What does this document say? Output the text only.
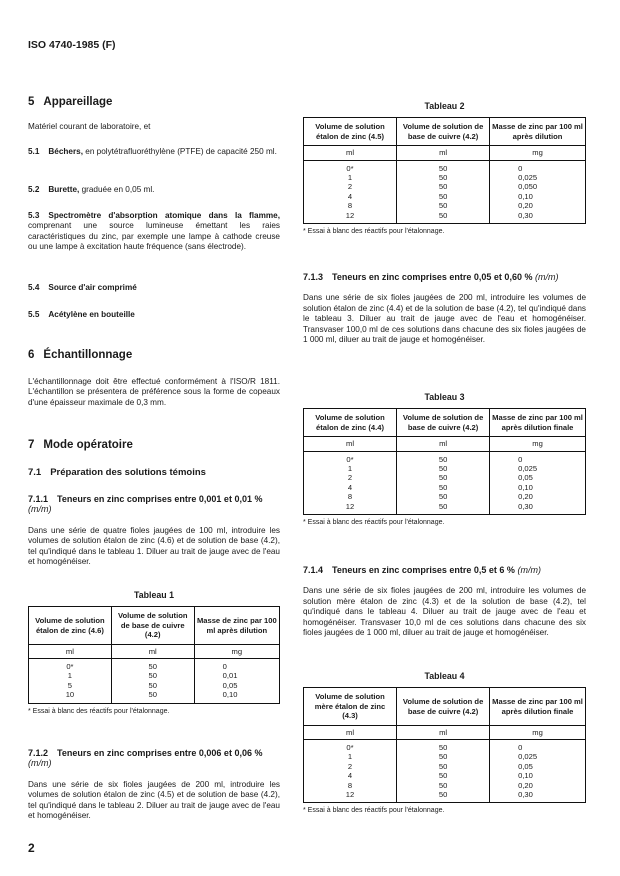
ISO 4740-1985 (F)
5 Appareillage

Matériel courant de laboratoire, et

5.1 Béchers, en polytétrafluoréthylène (PTFE) de capacité 250 ml.

5.2 Burette, graduée en 0,05 ml.

5.3 Spectromètre d'absorption atomique dans la flamme, comprenant une source lumineuse émettant les raies caractéristiques du zinc, par exemple une lampe à cathode creuse ou une lampe à excitation haute fréquence (sans électrode).

5.4 Source d'air comprimé

5.5 Acétylène en bouteille

6 Échantillonnage

L'échantillonnage doit être effectué conformément à l'ISO/R 1811. L'échantillon se présentera de préférence sous la forme de copeaux d'une épaisseur maximale de 0,3 mm.

7 Mode opératoire
7.1 Préparation des solutions témoins
7.1.1 Teneurs en zinc comprises entre 0,001 et 0,01 % (m/m)

Dans une série de quatre fioles jaugées de 100 ml, introduire les volumes de solution étalon de zinc (4.6) et de solution de base (4.2), tel qu'indiqué dans le tableau 1. Diluer au trait de jauge avec de l'eau et homogénéiser.

Tableau 1
Volume de solution étalon de zinc (4.6)	Volume de solution de base de cuivre (4.2)	Masse de zinc par 100 ml après dilution
ml	ml	mg
0*	50	0
1	50	0,01
5	50	0,05
10	50	0,10
* Essai à blanc des réactifs pour l'étalonnage.
7.1.2 Teneurs en zinc comprises entre 0,006 et 0,06 % (m/m)

Dans une série de six fioles jaugées de 200 ml, introduire les volumes de solution étalon de zinc (4.5) et de solution de base (4.2), tel qu'indiqué dans le tableau 2. Diluer au trait de jauge avec de l'eau et homogénéiser.

Tableau 2
Volume de solution étalon de zinc (4.5)	Volume de solution de base de cuivre (4.2)	Masse de zinc par 100 ml après dilution
ml	ml	mg
0*	50	0
1	50	0,025
2	50	0,050
4	50	0,10
8	50	0,20
12	50	0,30
* Essai à blanc des réactifs pour l'étalonnage.
7.1.3 Teneurs en zinc comprises entre 0,05 et 0,60 % (m/m)

Dans une série de six fioles jaugées de 200 ml, introduire les volumes de solution étalon de zinc (4.4) et de la solution de base (4.2), tel qu'indiqué dans le tableau 3. Diluer au trait de jauge avec de l'eau et homogénéiser. Transvaser 100,0 ml de ces solutions dans chacune des six fioles jaugées de 1 000 ml, diluer au trait de jauge et homogénéiser.

Tableau 3
Volume de solution étalon de zinc (4.4)	Volume de solution de base de cuivre (4.2)	Masse de zinc par 100 ml après dilution finale
ml	ml	mg
0*	50	0
1	50	0,025
2	50	0,05
4	50	0,10
8	50	0,20
12	50	0,30
* Essai à blanc des réactifs pour l'étalonnage.
7.1.4 Teneurs en zinc comprises entre 0,5 et 6 % (m/m)

Dans une série de six fioles jaugées de 200 ml, introduire les volumes de solution mère étalon de zinc (4.3) et de la solution de base (4.2), tel qu'indiqué dans le tableau 4. Diluer au trait de jauge avec de l'eau et homogénéiser. Transvaser 10,0 ml de ces solutions dans chacune des six fioles jaugées de 1 000 ml, diluer au trait de jauge et homogénéiser.

Tableau 4
Volume de solution mère étalon de zinc (4.3)	Volume de solution de base de cuivre (4.2)	Masse de zinc par 100 ml après dilution finale
ml	ml	mg
0*	50	0
1	50	0,025
2	50	0,05
4	50	0,10
8	50	0,20
12	50	0,30
* Essai à blanc des réactifs pour l'étalonnage.
2
